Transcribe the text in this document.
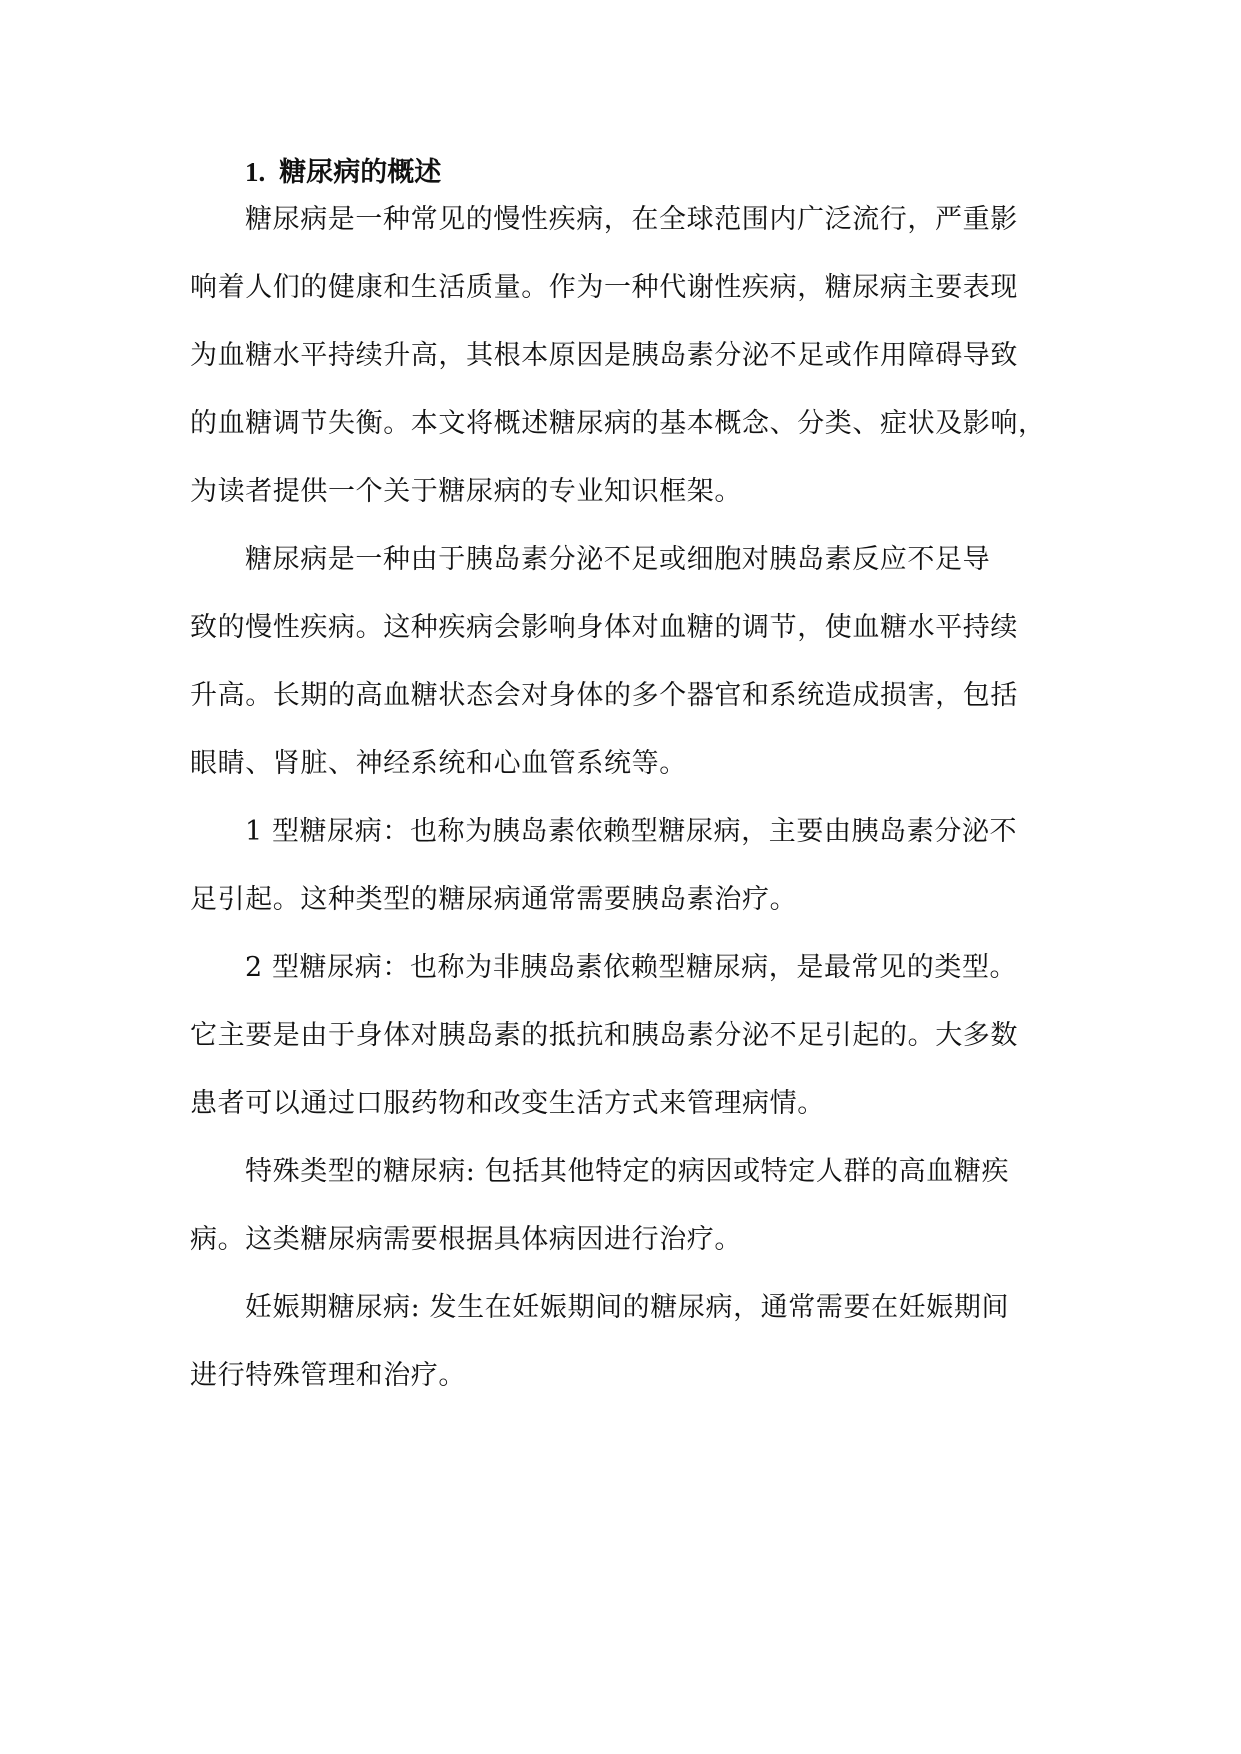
1. 糖尿病的概述

糖尿病是一种常见的慢性疾病，在全球范围内广泛流行，严重影

响着人们的健康和生活质量。作为一种代谢性疾病，糖尿病主要表现

为血糖水平持续升高，其根本原因是胰岛素分泌不足或作用障碍导致

的血糖调节失衡。本文将概述糖尿病的基本概念、分类、症状及影响，

为读者提供一个关于糖尿病的专业知识框架。

糖尿病是一种由于胰岛素分泌不足或细胞对胰岛素反应不足导

致的慢性疾病。这种疾病会影响身体对血糖的调节，使血糖水平持续

升高。长期的高血糖状态会对身体的多个器官和系统造成损害，包括

眼睛、肾脏、神经系统和心血管系统等。

1 型糖尿病：也称为胰岛素依赖型糖尿病，主要由胰岛素分泌不

足引起。这种类型的糖尿病通常需要胰岛素治疗。

2 型糖尿病：也称为非胰岛素依赖型糖尿病，是最常见的类型。

它主要是由于身体对胰岛素的抵抗和胰岛素分泌不足引起的。大多数

患者可以通过口服药物和改变生活方式来管理病情。

特殊类型的糖尿病: 包括其他特定的病因或特定人群的高血糖疾

病。这类糖尿病需要根据具体病因进行治疗。

妊娠期糖尿病: 发生在妊娠期间的糖尿病，通常需要在妊娠期间

进行特殊管理和治疗。
